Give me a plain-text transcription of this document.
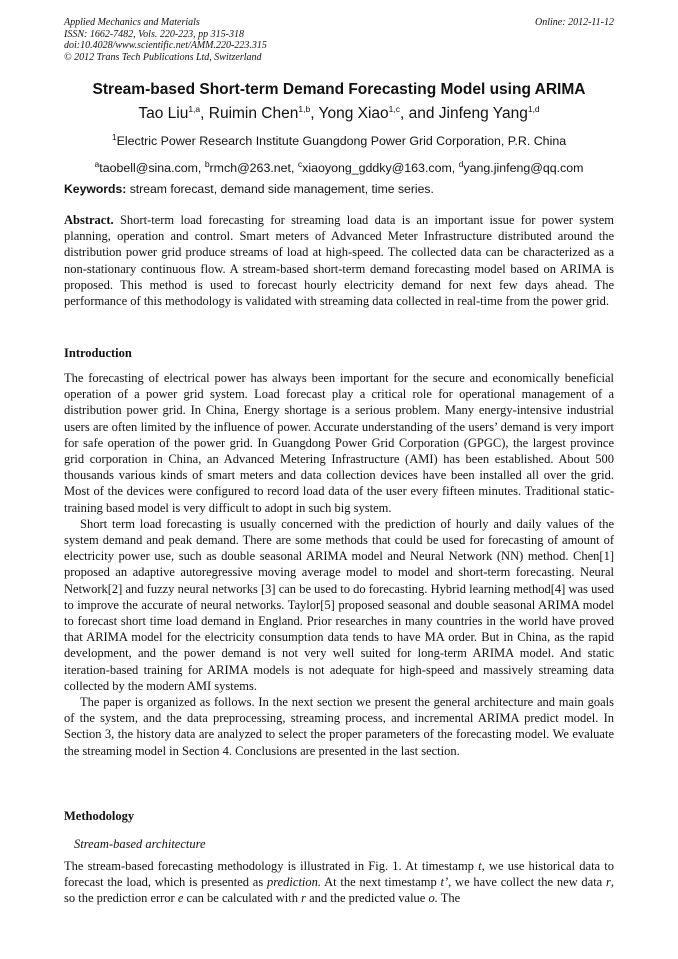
Applied Mechanics and Materials
ISSN: 1662-7482, Vols. 220-223, pp 315-318
doi:10.4028/www.scientific.net/AMM.220-223.315
© 2012 Trans Tech Publications Ltd, Switzerland
Online: 2012-11-12
Stream-based Short-term Demand Forecasting Model using ARIMA
Tao Liu$^{1,a}$, Ruimin Chen$^{1,b}$, Yong Xiao$^{1,c}$, and Jinfeng Yang$^{1,d}$
$^1$Electric Power Research Institute Guangdong Power Grid Corporation, P.R. China
$^a$taobell@sina.com, $^b$rmch@263.net, $^c$xiaoyong_gddky@163.com, $^d$yang.jinfeng@qq.com
Keywords: stream forecast, demand side management, time series.
Abstract. Short-term load forecasting for streaming load data is an important issue for power system planning, operation and control. Smart meters of Advanced Meter Infrastructure distributed around the distribution power grid produce streams of load at high-speed. The collected data can be characterized as a non-stationary continuous flow. A stream-based short-term demand forecasting model based on ARIMA is proposed. This method is used to forecast hourly electricity demand for next few days ahead. The performance of this methodology is validated with streaming data collected in real-time from the power grid.
Introduction

The forecasting of electrical power has always been important for the secure and economically beneficial operation of a power grid system. Load forecast play a critical role for operational management of a distribution power grid. In China, Energy shortage is a serious problem. Many energy-intensive industrial users are often limited by the influence of power. Accurate understanding of the users’ demand is very import for safe operation of the power grid. In Guangdong Power Grid Corporation (GPGC), the largest province grid corporation in China, an Advanced Metering Infrastructure (AMI) has been established. About 500 thousands various kinds of smart meters and data collection devices have been installed all over the grid. Most of the devices were configured to record load data of the user every fifteen minutes. Traditional static-training based model is very difficult to adopt in such big system.

Short term load forecasting is usually concerned with the prediction of hourly and daily values of the system demand and peak demand. There are some methods that could be used for forecasting of amount of electricity power use, such as double seasonal ARIMA model and Neural Network (NN) method. Chen[1] proposed an adaptive autoregressive moving average model to model and short-term forecasting. Neural Network[2] and fuzzy neural networks [3] can be used to do forecasting. Hybrid learning method[4] was used to improve the accurate of neural networks. Taylor[5] proposed seasonal and double seasonal ARIMA model to forecast short time load demand in England. Prior researches in many countries in the world have proved that ARIMA model for the electricity consumption data tends to have MA order. But in China, as the rapid development, and the power demand is not very well suited for long-term ARIMA model. And static iteration-based training for ARIMA models is not adequate for high-speed and massively streaming data collected by the modern AMI systems.

The paper is organized as follows. In the next section we present the general architecture and main goals of the system, and the data preprocessing, streaming process, and incremental ARIMA predict model. In Section 3, the history data are analyzed to select the proper parameters of the forecasting model. We evaluate the streaming model in Section 4. Conclusions are presented in the last section.

Methodology
Stream-based architecture
The stream-based forecasting methodology is illustrated in Fig. 1. At timestamp t, we use historical data to forecast the load, which is presented as prediction. At the next timestamp t’, we have collect the new data r, so the prediction error e can be calculated with r and the predicted value o. The
